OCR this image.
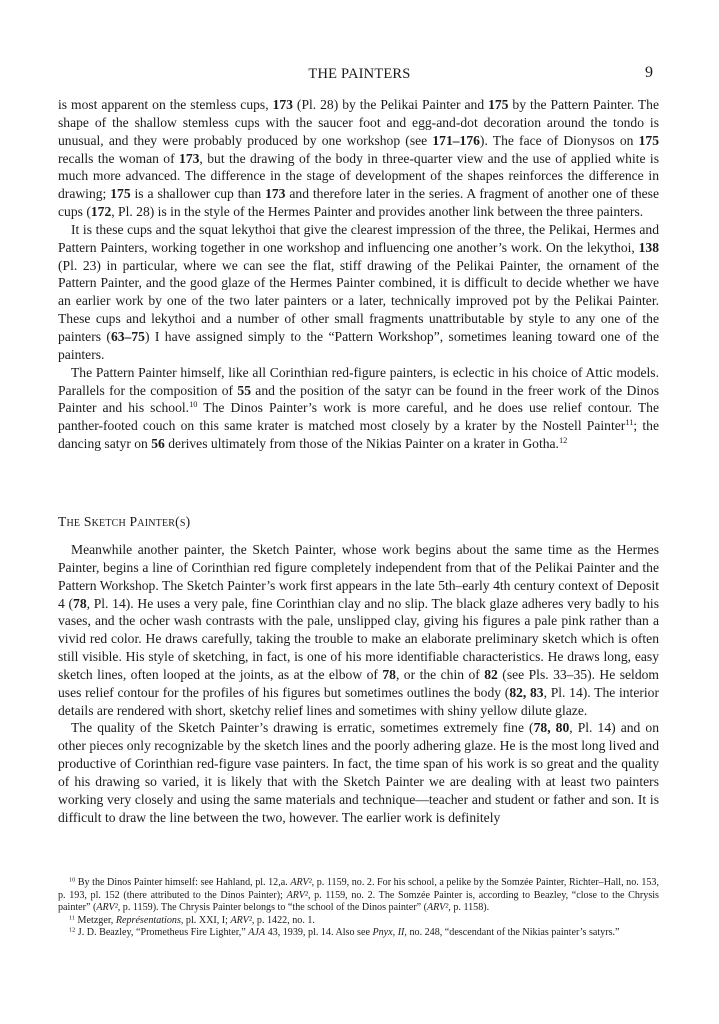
THE PAINTERS	9

is most apparent on the stemless cups, 173 (Pl. 28) by the Pelikai Painter and 175 by the Pattern Painter. The shape of the shallow stemless cups with the saucer foot and egg-and-dot decoration around the tondo is unusual, and they were probably produced by one workshop (see 171–176). The face of Dionysos on 175 recalls the woman of 173, but the drawing of the body in three-quarter view and the use of applied white is much more advanced. The difference in the stage of development of the shapes reinforces the difference in drawing; 175 is a shallower cup than 173 and therefore later in the series. A fragment of another one of these cups (172, Pl. 28) is in the style of the Hermes Painter and provides another link between the three painters.

It is these cups and the squat lekythoi that give the clearest impression of the three, the Pelikai, Hermes and Pattern Painters, working together in one workshop and influencing one another’s work. On the lekythoi, 138 (Pl. 23) in particular, where we can see the flat, stiff drawing of the Pelikai Painter, the ornament of the Pattern Painter, and the good glaze of the Hermes Painter combined, it is difficult to decide whether we have an earlier work by one of the two later painters or a later, technically improved pot by the Pelikai Painter. These cups and lekythoi and a number of other small fragments unattributable by style to any one of the painters (63–75) I have assigned simply to the “Pattern Workshop”, sometimes leaning toward one of the painters.

The Pattern Painter himself, like all Corinthian red-figure painters, is eclectic in his choice of Attic models. Parallels for the composition of 55 and the position of the satyr can be found in the freer work of the Dinos Painter and his school.$^{10}$ The Dinos Painter’s work is more careful, and he does use relief contour. The panther-footed couch on this same krater is matched most closely by a krater by the Nostell Painter$^{11}$; the dancing satyr on 56 derives ultimately from those of the Nikias Painter on a krater in Gotha.$^{12}$

The Sketch Painter(s)

Meanwhile another painter, the Sketch Painter, whose work begins about the same time as the Hermes Painter, begins a line of Corinthian red figure completely independent from that of the Pelikai Painter and the Pattern Workshop. The Sketch Painter’s work first appears in the late 5th–early 4th century context of Deposit 4 (78, Pl. 14). He uses a very pale, fine Corinthian clay and no slip. The black glaze adheres very badly to his vases, and the ocher wash contrasts with the pale, unslipped clay, giving his figures a pale pink rather than a vivid red color. He draws carefully, taking the trouble to make an elaborate preliminary sketch which is often still visible. His style of sketching, in fact, is one of his more identifiable characteristics. He draws long, easy sketch lines, often looped at the joints, as at the elbow of 78, or the chin of 82 (see Pls. 33–35). He seldom uses relief contour for the profiles of his figures but sometimes outlines the body (82, 83, Pl. 14). The interior details are rendered with short, sketchy relief lines and sometimes with shiny yellow dilute glaze.

The quality of the Sketch Painter’s drawing is erratic, sometimes extremely fine (78, 80, Pl. 14) and on other pieces only recognizable by the sketch lines and the poorly adhering glaze. He is the most long lived and productive of Corinthian red-figure vase painters. In fact, the time span of his work is so great and the quality of his drawing so varied, it is likely that with the Sketch Painter we are dealing with at least two painters working very closely and using the same materials and technique—teacher and student or father and son. It is difficult to draw the line between the two, however. The earlier work is definitely

$^{10}$ By the Dinos Painter himself: see Hahland, pl. 12,a. ARV², p. 1159, no. 2. For his school, a pelike by the Somzée Painter, Richter–Hall, no. 153, p. 193, pl. 152 (there attributed to the Dinos Painter); ARV², p. 1159, no. 2. The Somzée Painter is, according to Beazley, “close to the Chrysis painter” (ARV², p. 1159). The Chrysis Painter belongs to “the school of the Dinos painter” (ARV², p. 1158).

$^{11}$ Metzger, Représentations, pl. XXI, I; ARV², p. 1422, no. 1.

$^{12}$ J. D. Beazley, “Prometheus Fire Lighter,” AJA 43, 1939, pl. 14. Also see Pnyx, II, no. 248, “descendant of the Nikias painter’s satyrs.”
